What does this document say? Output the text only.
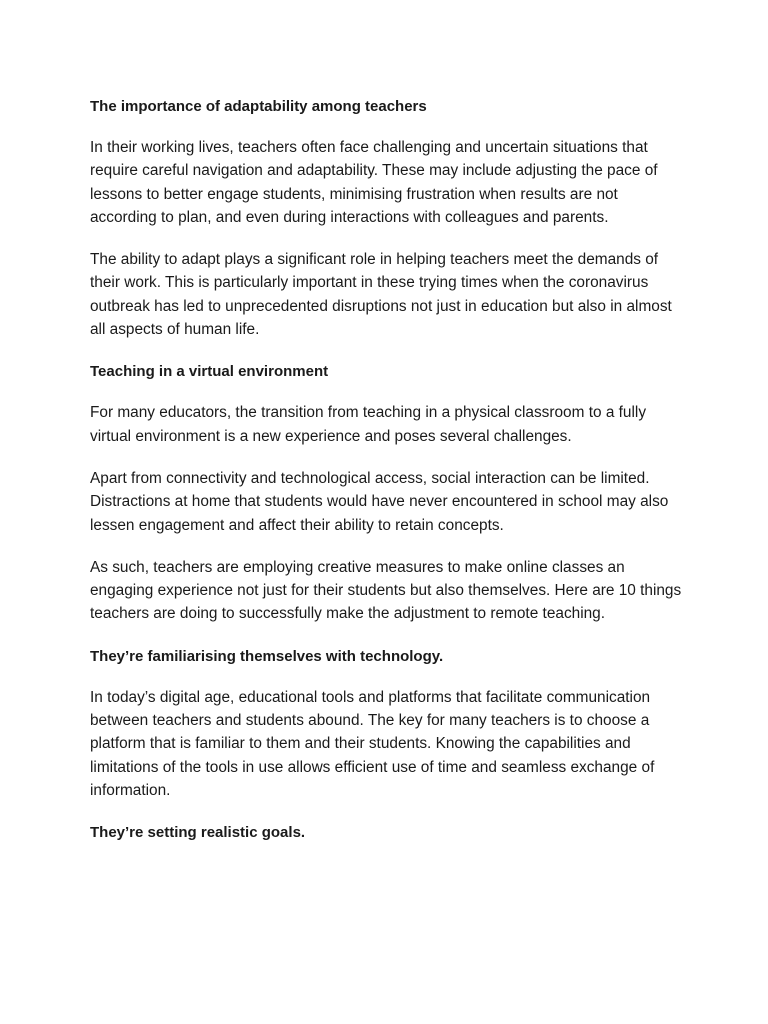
The importance of adaptability among teachers

In their working lives, teachers often face challenging and uncertain situations that require careful navigation and adaptability. These may include adjusting the pace of lessons to better engage students, minimising frustration when results are not according to plan, and even during interactions with colleagues and parents.

The ability to adapt plays a significant role in helping teachers meet the demands of their work. This is particularly important in these trying times when the coronavirus outbreak has led to unprecedented disruptions not just in education but also in almost all aspects of human life.

Teaching in a virtual environment

For many educators, the transition from teaching in a physical classroom to a fully virtual environment is a new experience and poses several challenges.

Apart from connectivity and technological access, social interaction can be limited. Distractions at home that students would have never encountered in school may also lessen engagement and affect their ability to retain concepts.

As such, teachers are employing creative measures to make online classes an engaging experience not just for their students but also themselves. Here are 10 things teachers are doing to successfully make the adjustment to remote teaching.

They’re familiarising themselves with technology.

In today’s digital age, educational tools and platforms that facilitate communication between teachers and students abound. The key for many teachers is to choose a platform that is familiar to them and their students. Knowing the capabilities and limitations of the tools in use allows efficient use of time and seamless exchange of information.

They’re setting realistic goals.
